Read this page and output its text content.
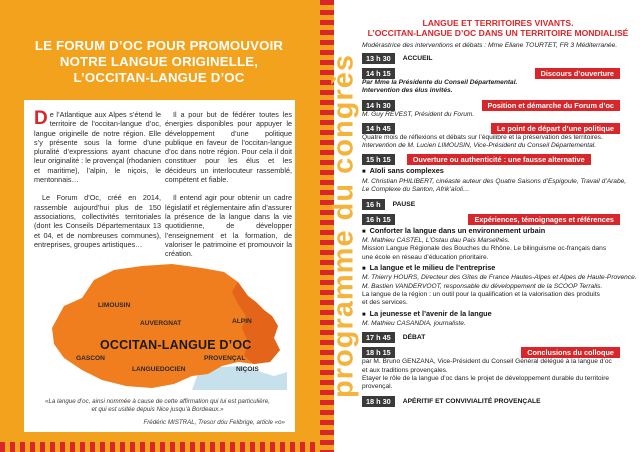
LE FORUM D’OC POUR PROMOUVOIR
NOTRE LANGUE ORIGINELLE,
L’OCCITAN-LANGUE D’OC

De l’Atlantique aux Alpes s’étend le territoire de l’occitan-langue d’oc, langue originelle de notre région. Elle s’y présente sous la forme d’une pluralité d’expressions ayant chacune leur originalité : le provençal (rhodanien et maritime), l’alpin, le niçois, le mentonnais…

Le Forum d’Oc, créé en 2014, rassemble aujourd’hui plus de 150 associations, collectivités territoriales (dont les Conseils Départementaux 13 et 04, et de nombreuses communes), entreprises, groupes artistiques…

Il a pour but de fédérer toutes les énergies disponibles pour appuyer le développement d’une politique publique en faveur de l’occitan-langue d’oc dans notre région. Pour cela il doit constituer pour les élus et les décideurs un interlocuteur rassemblé, compétent et fiable.

Il entend agir pour obtenir un cadre législatif et réglementaire afin d’assurer la présence de la langue dans la vie quotidienne, de développer l’enseignement et la formation, de valoriser le patrimoine et promouvoir la création.

LIMOUSIN
AUVERGNAT	ALPIN
GASCON	PROVENÇAL
LANGUEDOCIEN	NIÇOIS
OCCITAN-LANGUE D’OC
«La langue d’oc, ainsi nommée à cause de cette affirmation qui lui est particulière,
et qui est usitée depuis Nice jusqu’à Bordeaux.»
Frédéric MISTRAL, Tresor dóu Felibrige, article «o»
programme du congrès
LANGUE ET TERRITOIRES VIVANTS.
L’OCCITAN-LANGUE D’OC DANS UN TERRITOIRE MONDIALISÉ
Modérastrice des interventions et débats : Mme Eliane TOURTET, FR 3 Méditerranée.
13 h 30	ACCUEIL
14 h 15	Discours d’ouverture
Par Mme la Présidente du Conseil Départemental.
Intervention des élus invités.
14 h 30	Position et démarche du Forum d’oc
M. Guy REVEST, Président du Forum.
14 h 45	Le point de départ d’une politique
Quatre mois de réflexions et débats sur l’équilibre et la préservation des territoires.
Intervention de M. Lucien LIMOUSIN, Vice-Président du Conseil Départemental.
15 h 15	Ouverture ou authenticité : une fausse alternative
■ Aïoli sans complexes
M. Christian PHILIBERT, cinéaste auteur des Quatre Saisons d’Espigoule, Travail d’Arabe,
Le Complexe du Santon, Afrik’aïoli…
16 h	PAUSE
16 h 15	Expériences, témoignages et références
■ Conforter la langue dans un environnement urbain
M. Mathieu CASTEL, L’Ostau dau Pais Marselhés.
Mission Langue Régionale des Bouches du Rhône. Le bilinguisme oc-français dans
une école en réseau d’éducation prioritaire.
■ La langue et le milieu de l’entreprise
M. Thierry HOURS, Directeur des Gîtes de France Hautes-Alpes et Alpes de Haute-Provence.
M. Bastien VANDERVOOT, responsable du développement de la SCOOP Terralis.
La langue de la région : un outil pour la qualification et la valorisation des produits
et des services.
■ La jeunesse et l’avenir de la langue
M. Mathieu CASANDIA, journaliste.
17 h 45	DÉBAT
18 h 15	Conclusions du colloque
par M. Bruno GENZANA, Vice-Président du Conseil Général délégué à la langue d’oc
et aux traditions provençales.
Etayer le rôle de la langue d’oc dans le projet de développement durable du territoire
provençal.
18 h 30	APÉRITIF ET CONVIVIALITÉ PROVENÇALE
